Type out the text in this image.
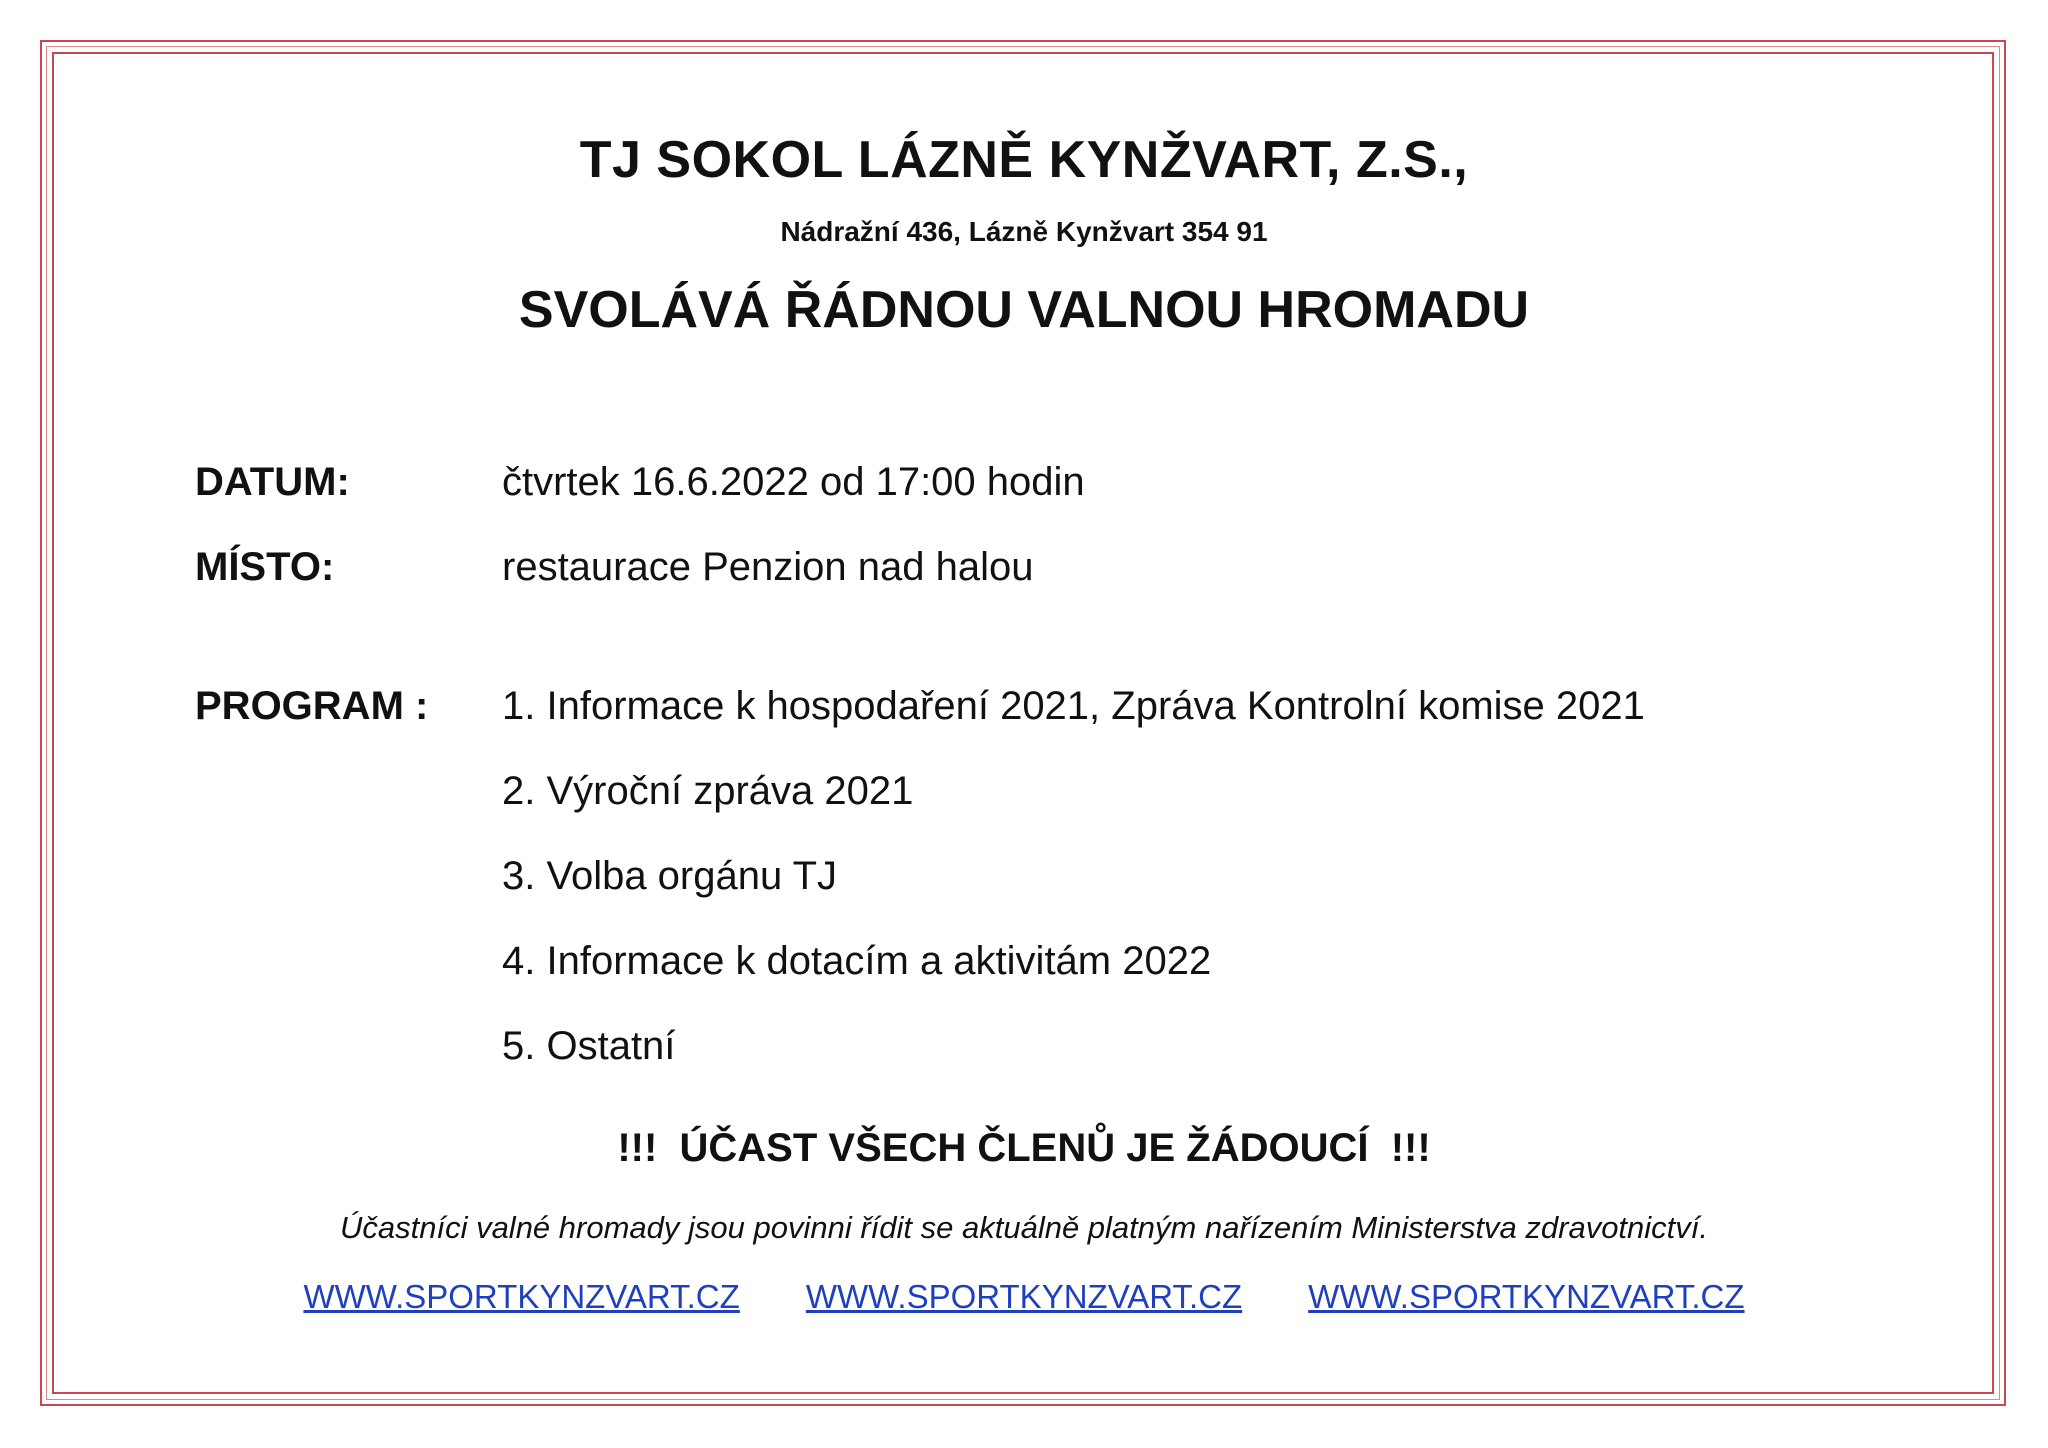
TJ SOKOL LÁZNĚ KYNŽVART, Z.S.,
Nádražní 436, Lázně Kynžvart 354 91
SVOLÁVÁ ŘÁDNOU VALNOU HROMADU
DATUM:	čtvrtek 16.6.2022 od 17:00 hodin
MÍSTO:	restaurace Penzion nad halou
PROGRAM : 1. Informace k hospodaření 2021, Zpráva Kontrolní komise 2021
2. Výroční zpráva 2021
3. Volba orgánu TJ
4. Informace k dotacím a aktivitám 2022
5. Ostatní
!!!  ÚČAST VŠECH ČLENŮ JE ŽÁDOUCÍ  !!!
Účastníci valné hromady jsou povinni řídit se aktuálně platným nařízením Ministerstva zdravotnictví.
WWW.SPORTKYNZVART.CZ WWW.SPORTKYNZVART.CZ WWW.SPORTKYNZVART.CZ
